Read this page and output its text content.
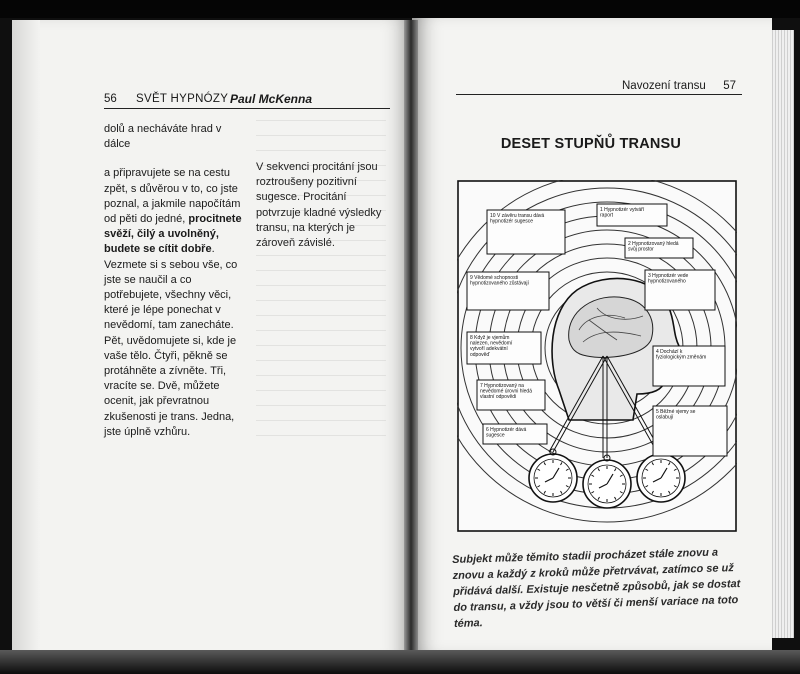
56 SVĚT HYPNÓZY Paul McKenna

dolů a necháváte hrad v dálce

a připravujete se na cestu zpět, s důvěrou v to, co jste poznal, a jakmile napočítám od pěti do jedné, procitnete svěží, čilý a uvolněný, budete se cítit dobře. Vezmete si s sebou vše, co jste se naučil a co potřebujete, všechny věci, které je lépe ponechat v nevědomí, tam zanecháte. Pět, uvědomujete si, kde je vaše tělo. Čtyři, pěkně se protáhněte a zívněte. Tři, vracíte se. Dvě, můžete ocenit, jak převratnou zkušenosti je trans. Jedna, jste úplně vzhůru.

V sekvenci procitání jsou roztroušeny pozitivní sugesce. Procitání potvrzuje kladné výsledky transu, na kterých je zároveň závislé.

Navození transu 57
DESET STUPŇŮ TRANSU
1 Hypnotizér vytváří
raport
2 Hypnotizovaný hledá
svůj prostor
3 Hypnotizér vede
hypnotizovaného
4 Dochází k
fyziologickým změnám
5 Běžné vjemy se
oslabují
6 Hypnotizér dává
sugesce
7 Hypnotizovaný na
nevědomé úrovni hledá
vlastní odpovědi
8 Když je vjemům
nalezen, nevědomí
vytvoří adekvátní
odpověď
9 Vědomé schopnosti
hypnotizovaného zůstávají
10 V závěru transu dává
hypnotizér sugesce
Subjekt může těmito stadii procházet stále znovu a znovu a každý z kroků může přetrvávat, zatímco se už přidává další. Existuje nesčetně způsobů, jak se dostat do transu, a vždy jsou to větší či menší variace na toto téma.
